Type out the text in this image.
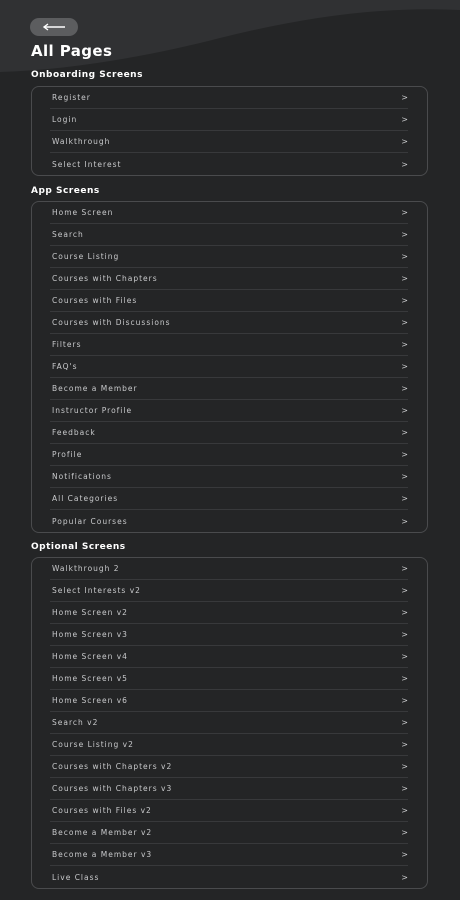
All Pages
Onboarding Screens
Register	>
Login	>
Walkthrough	>
Select Interest	>
App Screens
Home Screen	>
Search	>
Course Listing	>
Courses with Chapters	>
Courses with Files	>
Courses with Discussions	>
Filters	>
FAQ's	>
Become a Member	>
Instructor Profile	>
Feedback	>
Profile	>
Notifications	>
All Categories	>
Popular Courses	>
Optional Screens
Walkthrough 2	>
Select Interests v2	>
Home Screen v2	>
Home Screen v3	>
Home Screen v4	>
Home Screen v5	>
Home Screen v6	>
Search v2	>
Course Listing v2	>
Courses with Chapters v2	>
Courses with Chapters v3	>
Courses with Files v2	>
Become a Member v2	>
Become a Member v3	>
Live Class	>
